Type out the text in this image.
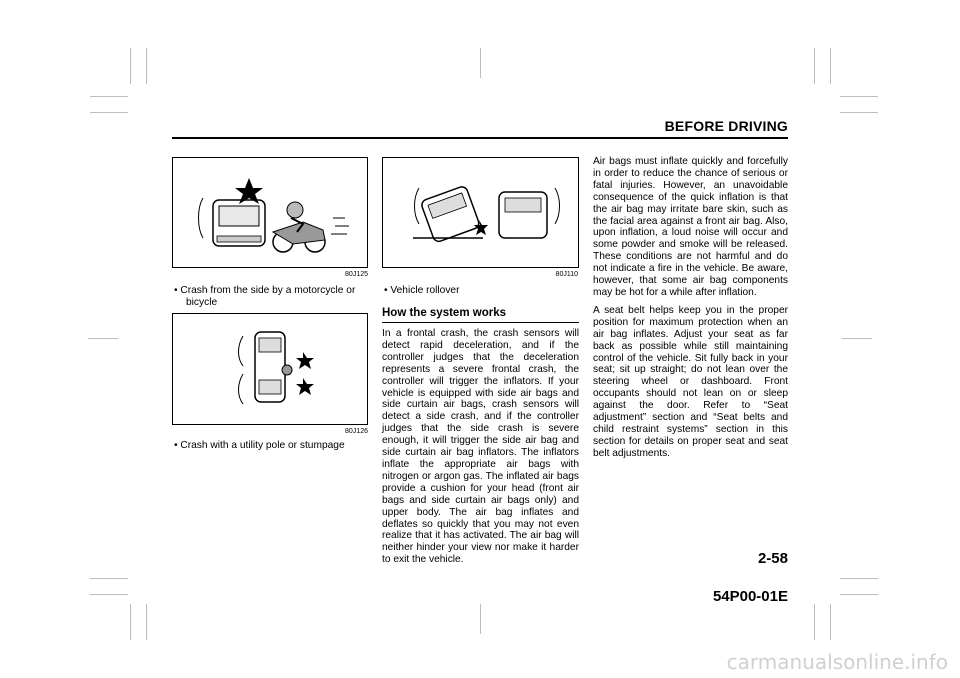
BEFORE DRIVING
80J125
• Crash from the side by a motorcycle or bicycle
80J126
• Crash with a utility pole or stumpage
80J110
• Vehicle rollover
How the system works

In a frontal crash, the crash sensors will detect rapid deceleration, and if the controller judges that the deceleration represents a severe frontal crash, the controller will trigger the inflators. If your vehicle is equipped with side air bags and side curtain air bags, crash sensors will detect a side crash, and if the controller judges that the side crash is severe enough, it will trigger the side air bag and side curtain air bag inflators. The inflators inflate the appropriate air bags with nitrogen or argon gas. The inflated air bags provide a cushion for your head (front air bags and side curtain air bags only) and upper body. The air bag inflates and deflates so quickly that you may not even realize that it has activated. The air bag will neither hinder your view nor make it harder to exit the vehicle.

Air bags must inflate quickly and forcefully in order to reduce the chance of serious or fatal injuries. However, an unavoidable consequence of the quick inflation is that the air bag may irritate bare skin, such as the facial area against a front air bag. Also, upon inflation, a loud noise will occur and some powder and smoke will be released. These conditions are not harmful and do not indicate a fire in the vehicle. Be aware, however, that some air bag components may be hot for a while after inflation.

A seat belt helps keep you in the proper position for maximum protection when an air bag inflates. Adjust your seat as far back as possible while still maintaining control of the vehicle. Sit fully back in your seat; sit up straight; do not lean over the steering wheel or dashboard. Front occupants should not lean on or sleep against the door. Refer to “Seat adjustment” section and “Seat belts and child restraint systems” section in this section for details on proper seat and seat belt adjustments.

2-58
54P00-01E
carmanualsonline.info
